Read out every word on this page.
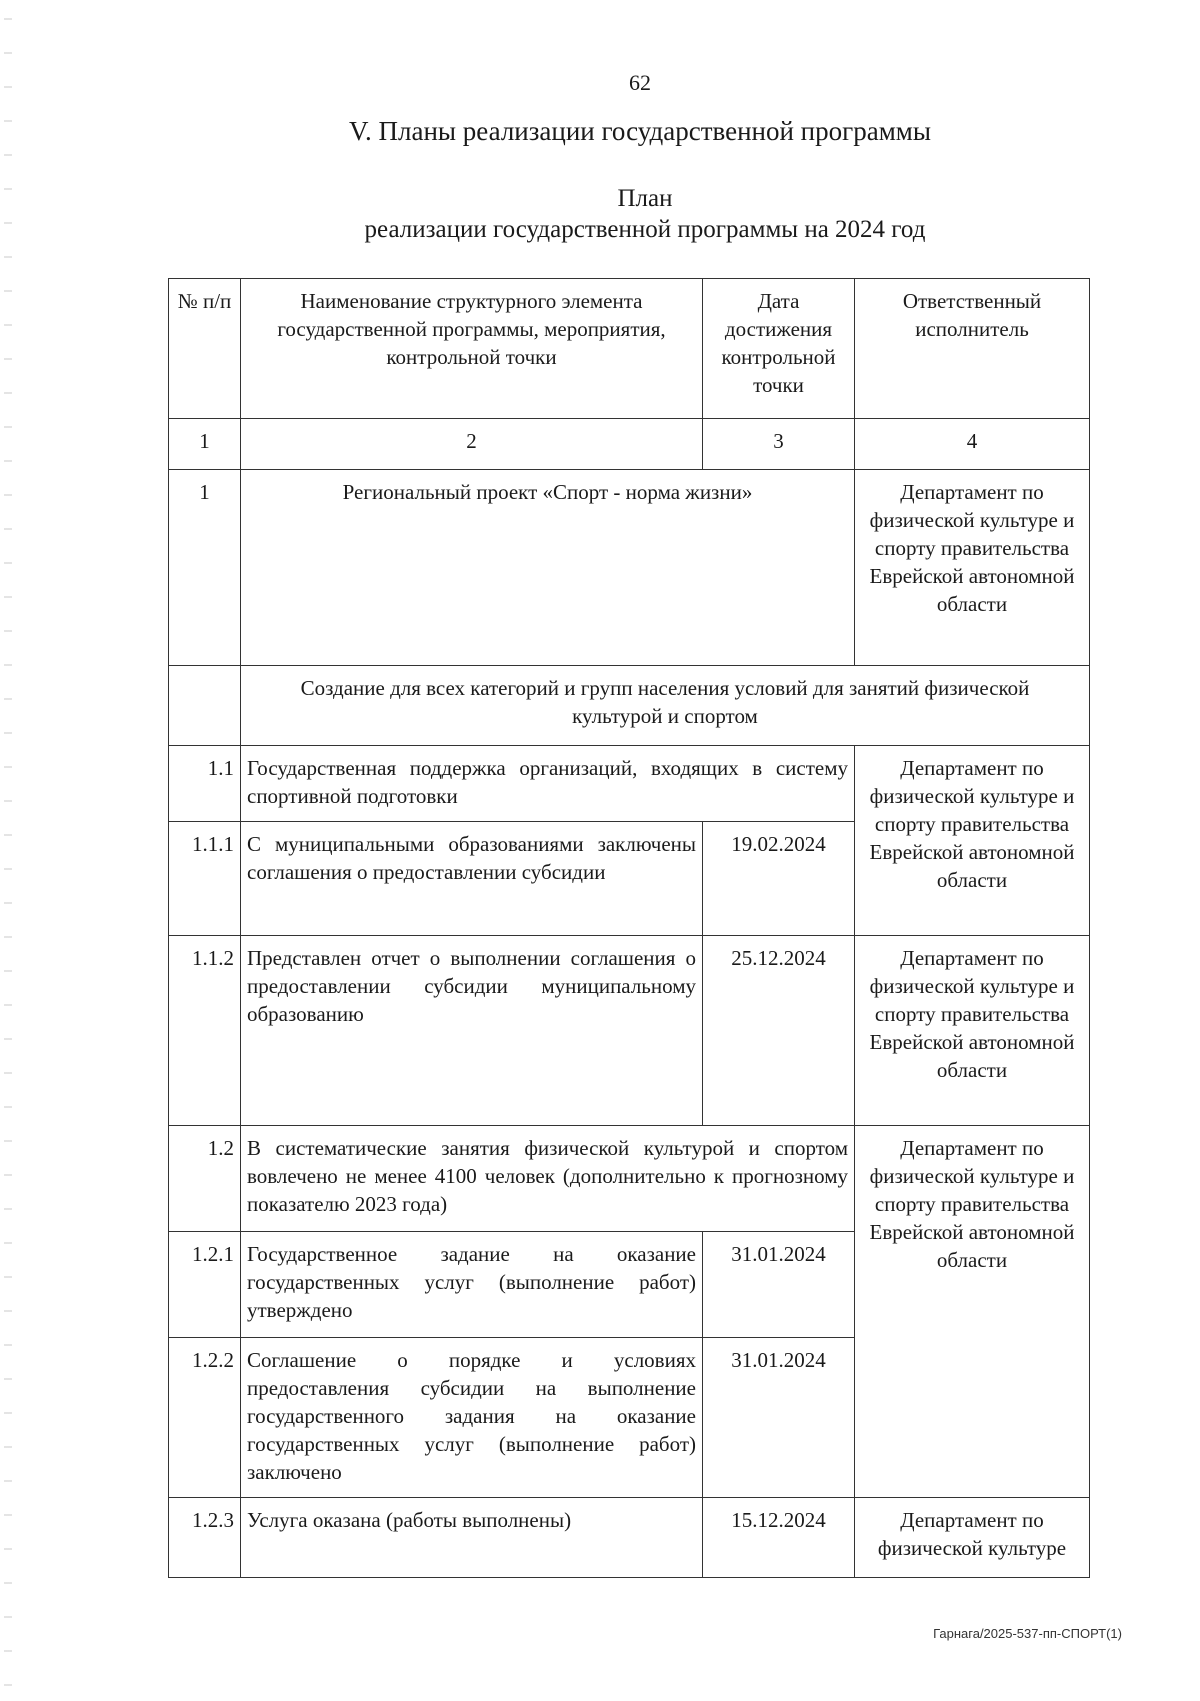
62
V. Планы реализации государственной программы
План
реализации государственной программы на 2024 год
№ п/п	Наименование структурного элемента государственной программы, мероприятия, контрольной точки	Дата достижения контрольной точки	Ответственный исполнитель
1	2	3	4
1	Региональный проект «Спорт - норма жизни»		Департамент по физической культуре и спорту правительства Еврейской автономной области
	Создание для всех категорий и групп населения условий для занятий физической культурой и спортом		
1.1	Государственная поддержка организаций, входящих в систему спортивной подготовки		Департамент по физической культуре и спорту правительства Еврейской автономной области
1.1.1	С муниципальными образованиями заключены соглашения о предоставлении субсидии	19.02.2024	
1.1.2	Представлен отчет о выполнении соглашения о предоставлении субсидии муниципальному образованию	25.12.2024	Департамент по физической культуре и спорту правительства Еврейской автономной области
1.2	В систематические занятия физической культурой и спортом вовлечено не менее 4100 человек (дополнительно к прогнозному показателю 2023 года)		Департамент по физической культуре и спорту правительства Еврейской автономной области
1.2.1	Государственное задание на оказание государственных услуг (выполнение работ) утверждено	31.01.2024	
1.2.2	Соглашение о порядке и условиях предоставления субсидии на выполнение государственного задания на оказание государственных услуг (выполнение работ) заключено	31.01.2024	
1.2.3	Услуга оказана (работы выполнены)	15.12.2024	Департамент по физической культуре
Гарнага/2025-537-пп-СПОРТ(1)
